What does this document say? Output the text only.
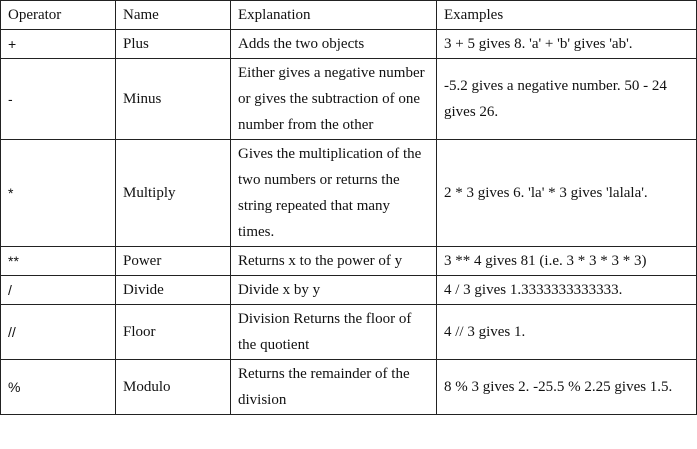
Operator	Name	Explanation	Examples
+	Plus	Adds the two objects	3 + 5 gives 8. 'a' + 'b' gives 'ab'.
-	Minus	Either gives a negative number or gives the subtraction of one number from the other	-5.2 gives a negative number. 50 - 24 gives 26.
*	Multiply	Gives the multiplication of the two numbers or returns the string repeated that many times.	2 * 3 gives 6. 'la' * 3 gives 'lalala'.
**	Power	Returns x to the power of y	3 ** 4 gives 81 (i.e. 3 * 3 * 3 * 3)
/	Divide	Divide x by y	4 / 3 gives 1.3333333333333.
//	Floor	Division Returns the floor of the quotient	4 // 3 gives 1.
%	Modulo	Returns the remainder of the division	8 % 3 gives 2. -25.5 % 2.25 gives 1.5.
